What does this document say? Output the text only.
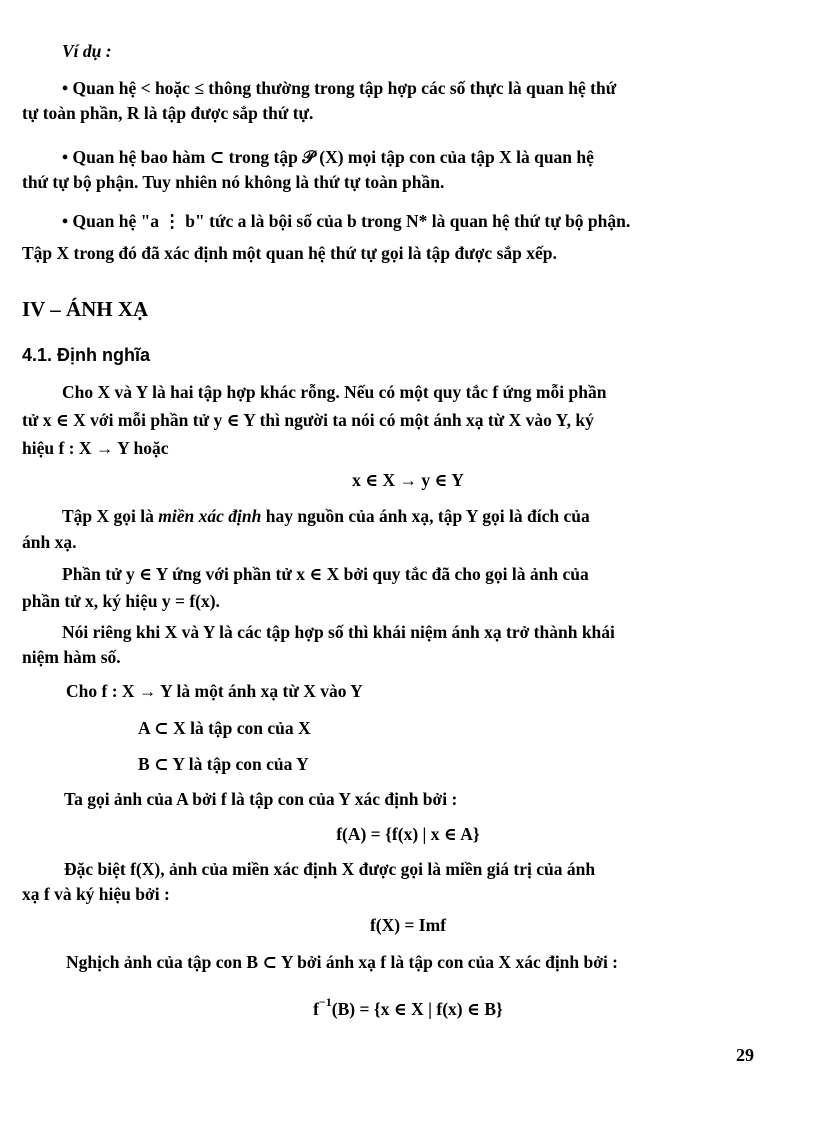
Ví dụ :
• Quan hệ < hoặc ≤ thông thường trong tập hợp các số thực là quan hệ thứ
tự toàn phần, R là tập được sắp thứ tự.
• Quan hệ bao hàm ⊂ trong tập 𝒫 (X) mọi tập con của tập X là quan hệ
thứ tự bộ phận. Tuy nhiên nó không là thứ tự toàn phần.
• Quan hệ "a ⋮ b" tức a là bội số của b trong N* là quan hệ thứ tự bộ phận.
Tập X trong đó đã xác định một quan hệ thứ tự gọi là tập được sắp xếp.
IV – ÁNH XẠ
4.1. Định nghĩa
Cho X và Y là hai tập hợp khác rỗng. Nếu có một quy tắc f ứng mỗi phần
tử x ∈ X với mỗi phần tử y ∈ Y thì người ta nói có một ánh xạ từ X vào Y, ký
hiệu f : X → Y hoặc
x ∈ X → y ∈ Y
Tập X gọi là miền xác định hay nguồn của ánh xạ, tập Y gọi là đích của
ánh xạ.
Phần tử y ∈ Y ứng với phần tử x ∈ X bởi quy tắc đã cho gọi là ảnh của
phần tử x, ký hiệu y = f(x).
Nói riêng khi X và Y là các tập hợp số thì khái niệm ánh xạ trở thành khái
niệm hàm số.
Cho f : X → Y là một ánh xạ từ X vào Y
A ⊂ X là tập con của X
B ⊂ Y là tập con của Y
Ta gọi ảnh của A bởi f là tập con của Y xác định bởi :
f(A) = {f(x) | x ∈ A}
Đặc biệt f(X), ảnh của miền xác định X được gọi là miền giá trị của ánh
xạ f và ký hiệu bởi :
f(X) = Imf
Nghịch ảnh của tập con B ⊂ Y bởi ánh xạ f là tập con của X xác định bởi :
$f^{-1}(B) = \{x$ ∈ X | f(x) ∈ B}
29
